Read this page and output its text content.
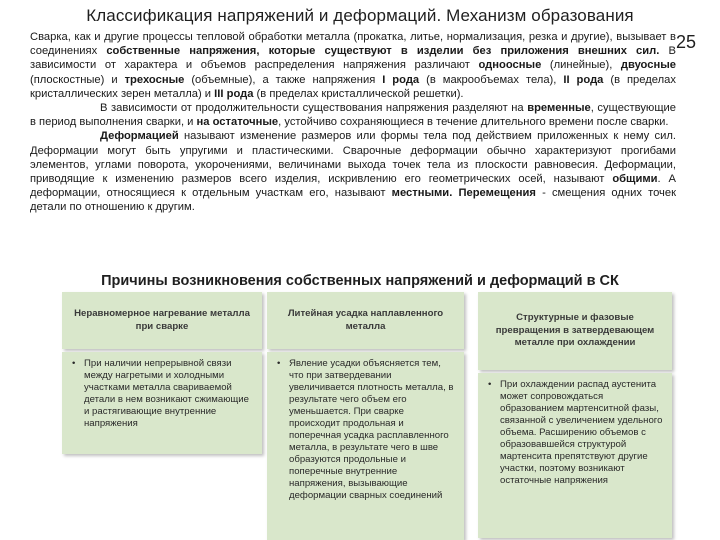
Классификация напряжений и деформаций. Механизм образования
25

Сварка, как и другие процессы тепловой обработки металла (прокатка, литье, нормализация, резка и другие), вызывает в соединениях собственные напряжения, которые существуют в изделии без приложения внешних сил. В зависимости от характера и объемов распределения напряжения различают одноосные (линейные), двуосные (плоскостные) и трехосные (объемные), а также напряжения I рода (в макрообъемах тела), II рода (в пределах кристаллических зерен металла) и III рода (в пределах кристаллической решетки).

В зависимости от продолжительности существования напряжения разделяют на временные, существующие в период выполнения сварки, и на остаточные, устойчиво сохраняющиеся в течение длительного времени после сварки.

Деформацией называют изменение размеров или формы тела под действием приложенных к нему сил. Деформации могут быть упругими и пластическими. Сварочные деформации обычно характеризуют прогибами элементов, углами поворота, укорочениями, величинами выхода точек тела из плоскости равновесия. Деформации, приводящие к изменению размеров всего изделия, искривлению его геометрических осей, называют общими. А деформации, относящиеся к отдельным участкам его, называют местными. Перемещения - смещения одних точек детали по отношению к другим.

Причины возникновения собственных напряжений и деформаций в СК
Неравномерное нагревание металла при сварке
• При наличии непрерывной связи между нагретыми и холодными участками металла свариваемой детали в нем возникают сжимающие и растягивающие внутренние напряжения
Литейная усадка наплавленного металла
• Явление усадки объясняется тем, что при затвердевании увеличивается плотность металла, в результате чего объем его уменьшается. При сварке происходит продольная и поперечная усадка расплавленного металла, в результате чего в шве образуются продольные и поперечные внутренние напряжения, вызывающие деформации сварных соединений
Структурные и фазовые превращения в затвердевающем металле при охлаждении
• При охлаждении распад аустенита может сопровождаться образованием мартенситной фазы, связанной с увеличением удельного объема. Расширению объемов с образовавшейся структурой мартенсита препятствуют другие участки, поэтому возникают остаточные напряжения
